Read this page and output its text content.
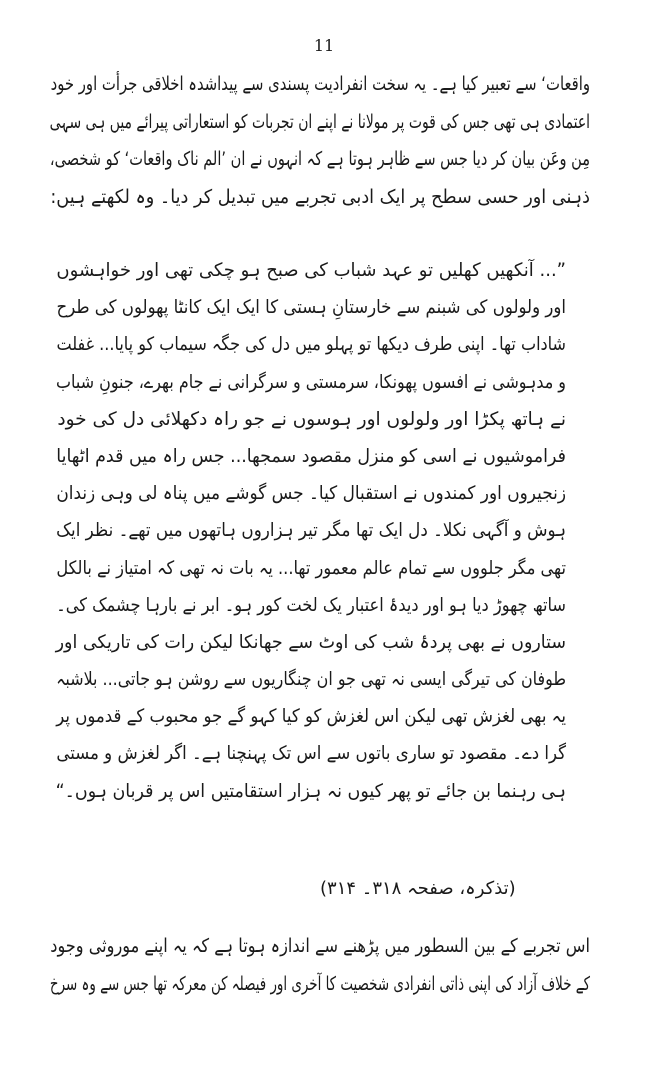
11
واقعات‘ سے تعبیر کیا ہے۔ یہ سخت انفرادیت پسندی سے پیداشدہ اخلاقی جرأت اور خود
اعتمادی ہی تھی جس کی قوت پر مولانا نے اپنے ان تجربات کو استعاراتی پیرائے میں ہی سہی
مِن وعَن بیان کر دیا جس سے ظاہر ہوتا ہے کہ انہوں نے ان ’الم ناک واقعات‘ کو شخصی،
ذہنی اور حسی سطح پر ایک ادبی تجربے میں تبدیل کر دیا۔ وہ لکھتے ہیں:
”... آنکھیں کھلیں تو عہد شباب کی صبح ہو چکی تھی اور خواہشوں
اور ولولوں کی شبنم سے خارستانِ ہستی کا ایک ایک کانٹا پھولوں کی طرح
شاداب تھا۔ اپنی طرف دیکھا تو پہلو میں دل کی جگہ سیماب کو پایا... غفلت
و مدہوشی نے افسوں پھونکا، سرمستی و سرگرانی نے جام بھرے، جنونِ شباب
نے ہاتھ پکڑا اور ولولوں اور ہوسوں نے جو راہ دکھلائی دل کی خود
فراموشیوں نے اسی کو منزل مقصود سمجھا... جس راہ میں قدم اٹھایا
زنجیروں اور کمندوں نے استقبال کیا۔ جس گوشے میں پناہ لی وہی زندان
ہوش و آگہی نکلا۔ دل ایک تھا مگر تیر ہزاروں ہاتھوں میں تھے۔ نظر ایک
تھی مگر جلووں سے تمام عالم معمور تھا... یہ بات نہ تھی کہ امتیاز نے بالکل
ساتھ چھوڑ دیا ہو اور دیدۂ اعتبار یک لخت کور ہو۔ ابر نے بارہا چشمک کی۔
ستاروں نے بھی پردۂ شب کی اوٹ سے جھانکا لیکن رات کی تاریکی اور
طوفان کی تیرگی ایسی نہ تھی جو ان چنگاریوں سے روشن ہو جاتی... بلاشبہ
یہ بھی لغزش تھی لیکن اس لغزش کو کیا کہو گے جو محبوب کے قدموں پر
گرا دے۔ مقصود تو ساری باتوں سے اس تک پہنچنا ہے۔ اگر لغزش و مستی
ہی رہنما بن جائے تو پھر کیوں نہ ہزار استقامتیں اس پر قربان ہوں۔“
(تذکرہ، صفحہ ۳۱۸۔ ۳۱۴)
اس تجربے کے بین السطور میں پڑھنے سے اندازہ ہوتا ہے کہ یہ اپنے موروثی وجود
کے خلاف آزاد کی اپنی ذاتی انفرادی شخصیت کا آخری اور فیصلہ کن معرکہ تھا جس سے وہ سرخ
